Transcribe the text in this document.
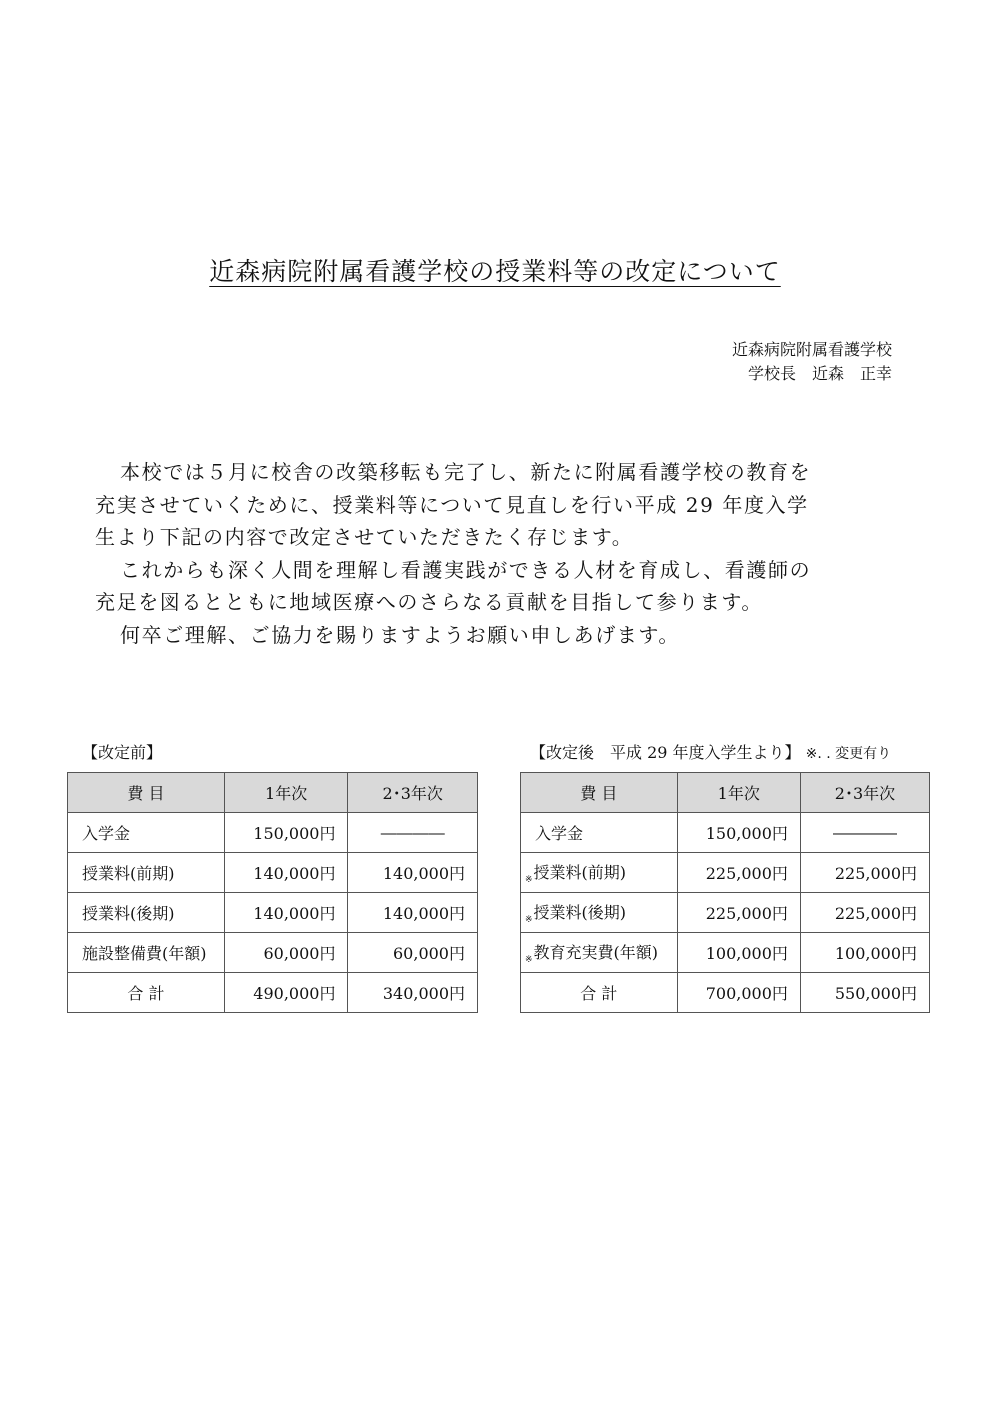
近森病院附属看護学校の授業料等の改定について
近森病院附属看護学校
学校長　近森　正幸

本校では５月に校舎の改築移転も完了し、新たに附属看護学校の教育を
充実させていくために、授業料等について見直しを行い平成 29 年度入学
生より下記の内容で改定させていただきたく存じます。

これからも深く人間を理解し看護実践ができる人材を育成し、看護師の
充足を図るとともに地域医療へのさらなる貢献を目指して参ります。

何卒ご理解、ご協力を賜りますようお願い申しあげます。

【改定前】	【改定後　平成 29 年度入学生より】 ※. . 変更有り
費 目	1年次	2･3年次
入学金	150,000円	――――
授業料(前期)	140,000円	140,000円
授業料(後期)	140,000円	140,000円
施設整備費(年額)	60,000円	60,000円
合 計	490,000円	340,000円
費 目	1年次	2･3年次
入学金	150,000円	――――
※授業料(前期)	225,000円	225,000円
※授業料(後期)	225,000円	225,000円
※教育充実費(年額)	100,000円	100,000円
合 計	700,000円	550,000円
